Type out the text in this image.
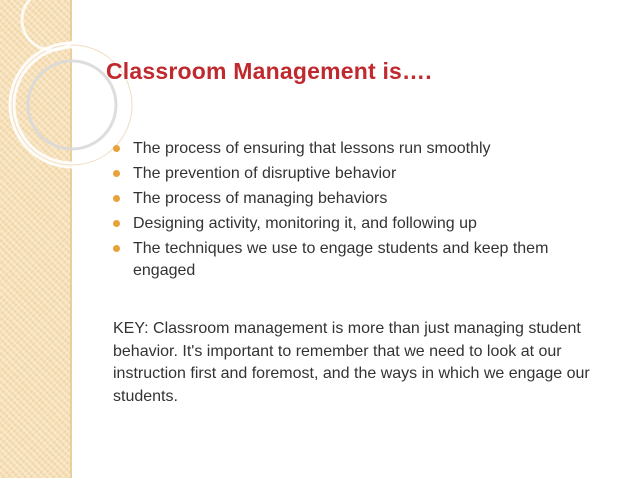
Classroom Management is….
The process of ensuring that lessons run smoothly
The prevention of disruptive behavior
The process of managing behaviors
Designing activity, monitoring it, and following up
The techniques we use to engage students and keep them engaged

KEY: Classroom management is more than just managing student behavior. It's important to remember that we need to look at our instruction first and foremost, and the ways in which we engage our students.
